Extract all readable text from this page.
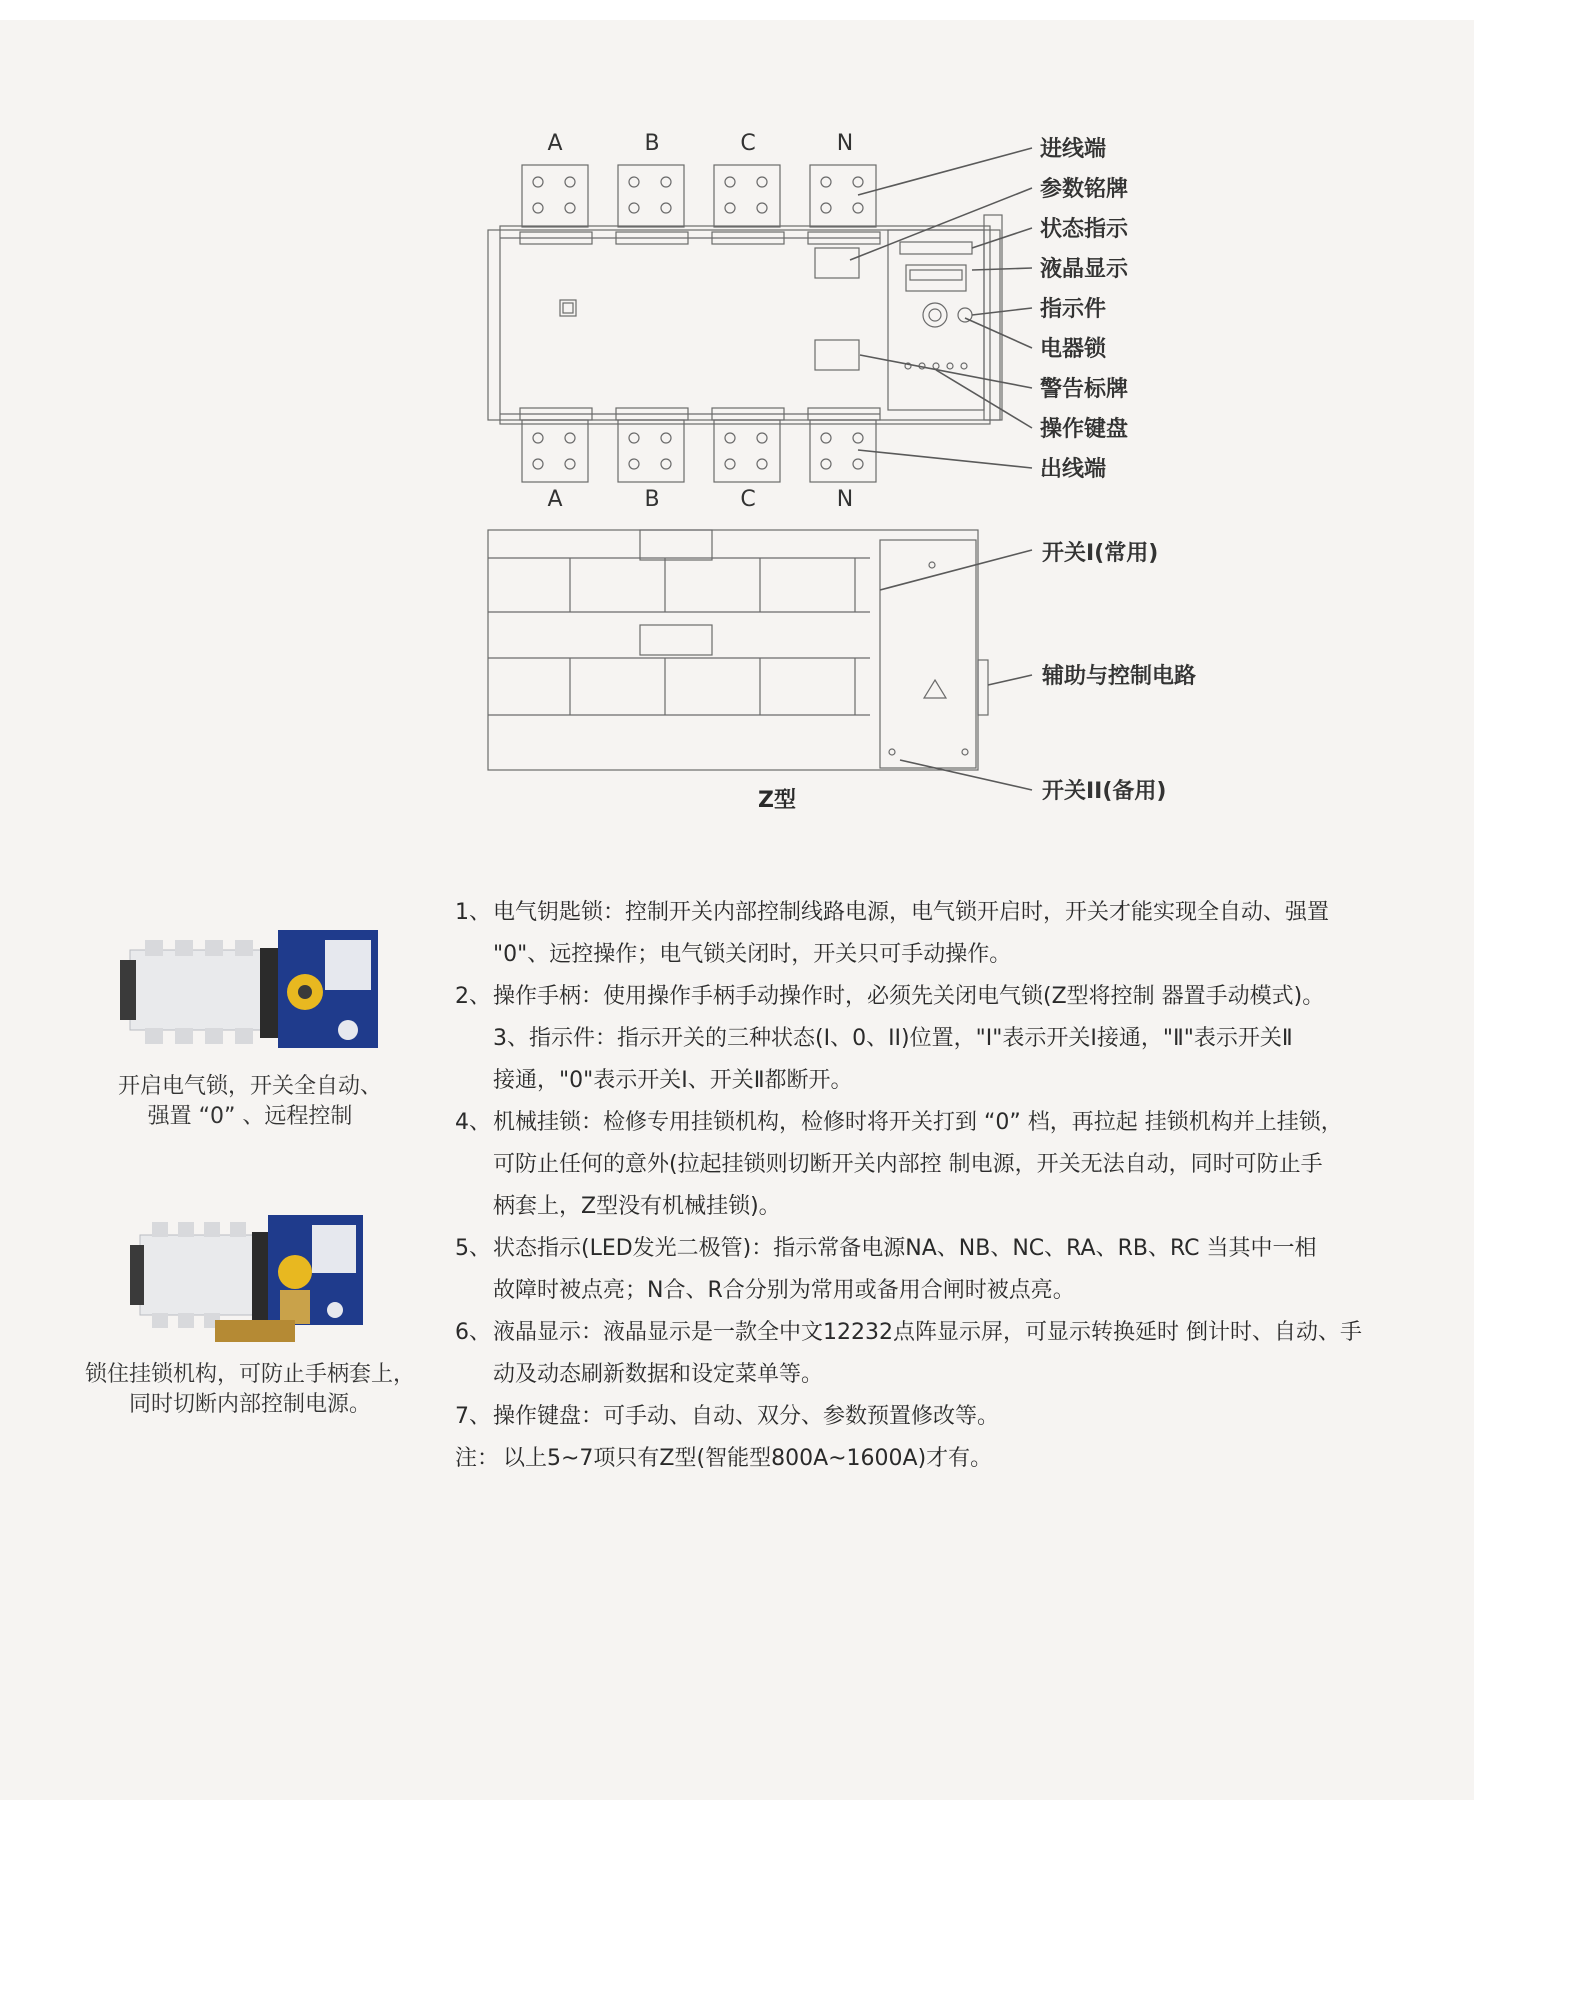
A	B	C	N
A	B	C	N
进线端
参数铭牌
状态指示
液晶显示
指示件
电器锁
警告标牌
操作键盘
出线端
开关I(常用)
辅助与控制电路
开关II(备用)
Z型
开启电气锁，开关全自动、
强置 “0” 、远程控制
锁住挂锁机构，可防止手柄套上，
同时切断内部控制电源。
1、 电气钥匙锁：控制开关内部控制线路电源，电气锁开启时，开关才能实现全自动、强置
"0"、远控操作；电气锁关闭时，开关只可手动操作。
2、 操作手柄：使用操作手柄手动操作时，必须先关闭电气锁(Z型将控制 器置手动模式)。
3、指示件：指示开关的三种状态(I、0、II)位置，"Ⅰ"表示开关Ⅰ接通，"Ⅱ"表示开关Ⅱ
接通，"0"表示开关Ⅰ、开关Ⅱ都断开。
4、 机械挂锁：检修专用挂锁机构，检修时将开关打到 “0” 档，再拉起 挂锁机构并上挂锁，
可防止任何的意外(拉起挂锁则切断开关内部控 制电源，开关无法自动，同时可防止手
柄套上，Z型没有机械挂锁)。
5、 状态指示(LED发光二极管)：指示常备电源NA、NB、NC、RA、RB、RC 当其中一相
故障时被点亮；N合、R合分别为常用或备用合闸时被点亮。
6、 液晶显示：液晶显示是一款全中文12232点阵显示屏，可显示转换延时 倒计时、自动、手
动及动态刷新数据和设定菜单等。
7、 操作键盘：可手动、自动、双分、参数预置修改等。
注： 以上5~7项只有Z型(智能型800A~1600A)才有。
